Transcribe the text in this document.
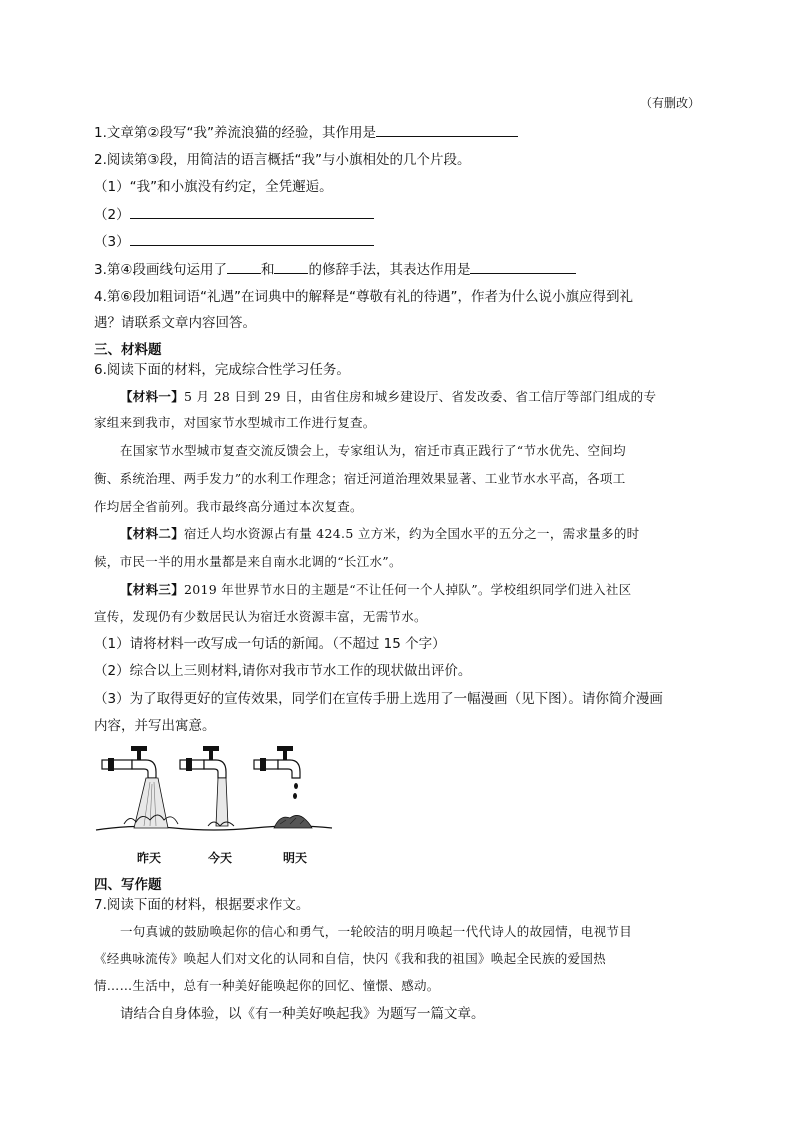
（有删改）
1.文章第②段写“我”养流浪猫的经验，其作用是
2.阅读第③段，用简洁的语言概括“我”与小旗相处的几个片段。
（1）“我”和小旗没有约定，全凭邂逅。
（2）
（3）
3.第④段画线句运用了	和	的修辞手法，其表达作用是
4.第⑥段加粗词语“礼遇”在词典中的解释是“尊敬有礼的待遇”，作者为什么说小旗应得到礼
遇？请联系文章内容回答。
三、材料题
6.阅读下面的材料，完成综合性学习任务。
【材料一】5 月 28 日到 29 日，由省住房和城乡建设厅、省发改委、省工信厅等部门组成的专
家组来到我市，对国家节水型城市工作进行复查。
在国家节水型城市复查交流反馈会上，专家组认为，宿迁市真正践行了“节水优先、空间均
衡、系统治理、两手发力”的水利工作理念；宿迁河道治理效果显著、工业节水水平高，各项工
作均居全省前列。我市最终高分通过本次复查。
【材料二】宿迁人均水资源占有量 424.5 立方米，约为全国水平的五分之一，需求量多的时
候，市民一半的用水量都是来自南水北调的“长江水”。
【材料三】2019 年世界节水日的主题是“不让任何一个人掉队”。学校组织同学们进入社区
宣传，发现仍有少数居民认为宿迁水资源丰富，无需节水。
（1）请将材料一改写成一句话的新闻。（不超过 15 个字）
（2）综合以上三则材料,请你对我市节水工作的现状做出评价。
（3）为了取得更好的宣传效果，同学们在宣传手册上选用了一幅漫画（见下图）。请你简介漫画
内容，并写出寓意。
四、写作题
7.阅读下面的材料，根据要求作文。
一句真诚的鼓励唤起你的信心和勇气，一轮皎洁的明月唤起一代代诗人的故园情，电视节目
《经典咏流传》唤起人们对文化的认同和自信，快闪《我和我的祖国》唤起全民族的爱国热
情……生活中，总有一种美好能唤起你的回忆、憧憬、感动。
请结合自身体验，以《有一种美好唤起我》为题写一篇文章。
昨天	今天	明天
